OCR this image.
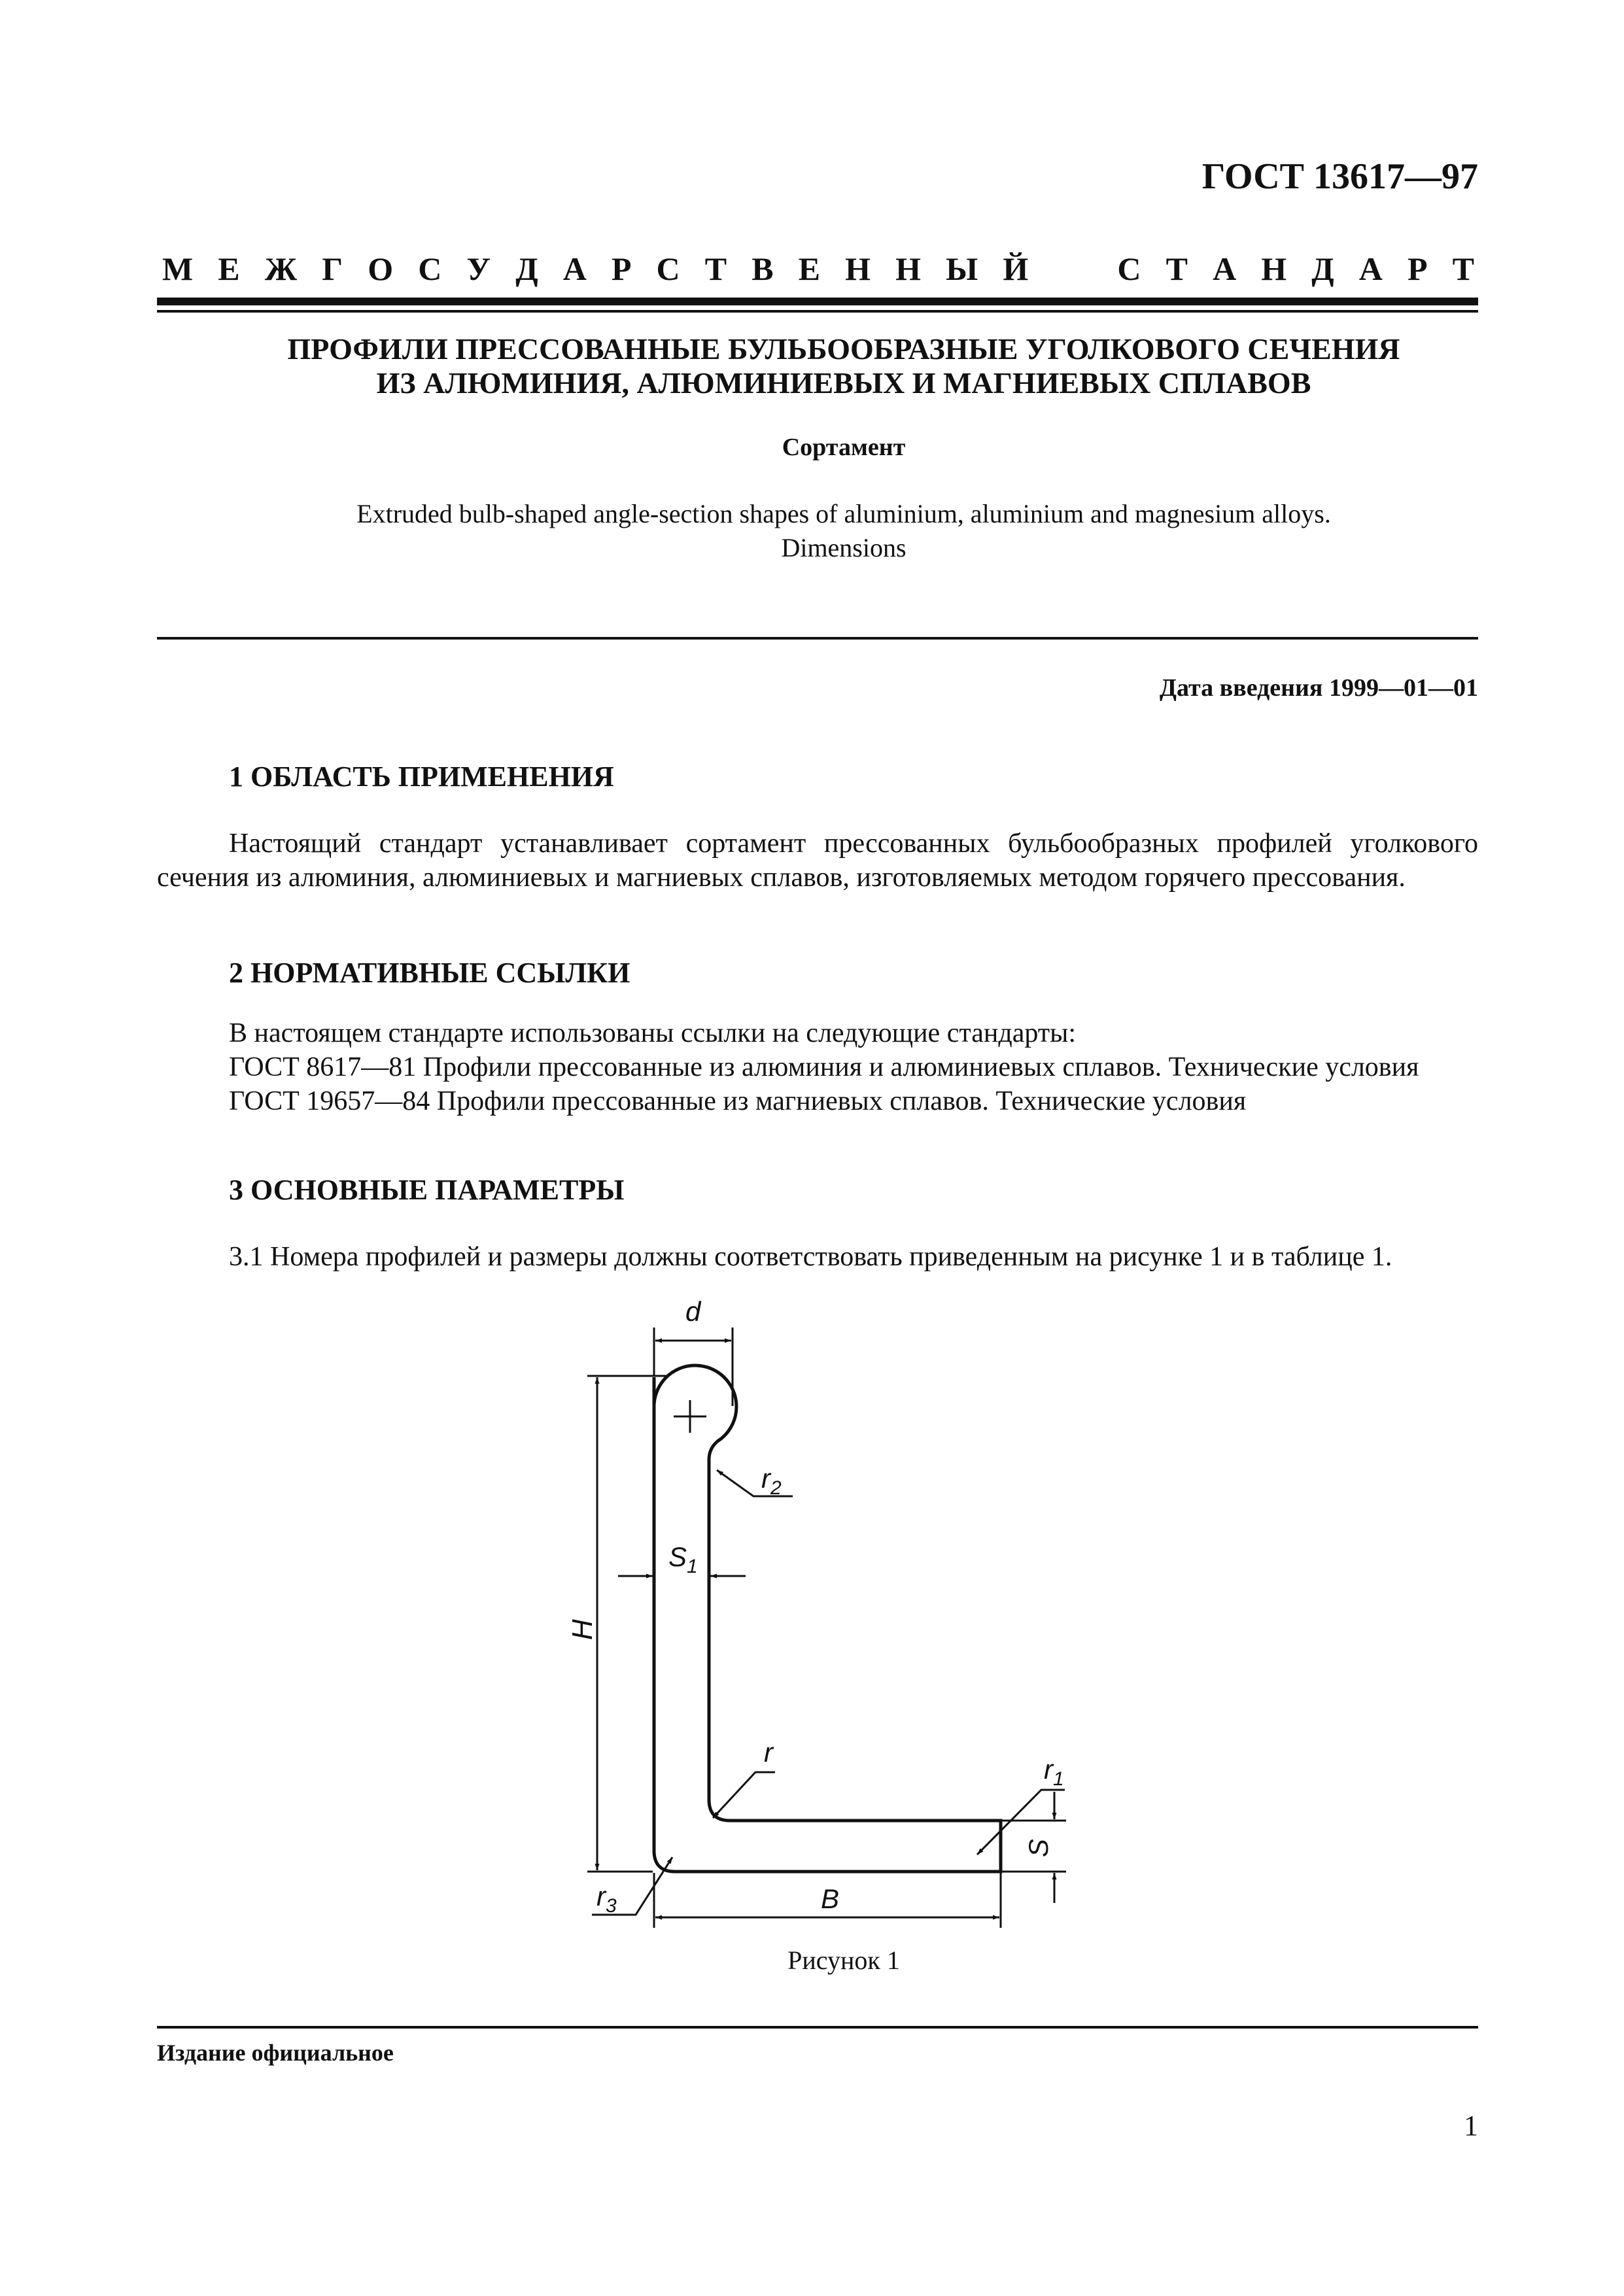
ГОСТ 13617—97
М Е Ж Г О С У Д А Р С Т В Е Н Н Ы Й	С Т А Н Д А Р Т
ПРОФИЛИ ПРЕССОВАННЫЕ БУЛЬБООБРАЗНЫЕ УГОЛКОВОГО СЕЧЕНИЯ
ИЗ АЛЮМИНИЯ, АЛЮМИНИЕВЫХ И МАГНИЕВЫХ СПЛАВОВ
Сортамент
Extruded bulb-shaped angle-section shapes of aluminium, aluminium and magnesium alloys.
Dimensions
Дата введения 1999—01—01
1 ОБЛАСТЬ ПРИМЕНЕНИЯ

Настоящий стандарт устанавливает сортамент прессованных бульбообразных профилей уголкового сечения из алюминия, алюминиевых и магниевых сплавов, изготовляемых методом горячего прессования.

2 НОРМАТИВНЫЕ ССЫЛКИ

В настоящем стандарте использованы ссылки на следующие стандарты:

ГОСТ 8617—81 Профили прессованные из алюминия и алюминиевых сплавов. Технические условия

ГОСТ 19657—84 Профили прессованные из магниевых сплавов. Технические условия

3 ОСНОВНЫЕ ПАРАМЕТРЫ

3.1 Номера профилей и размеры должны соответствовать приведенным на рисунке 1 и в таблице 1.

d
$r_2$
$S_1$
H
r
$r_1$
S
$r_3$	B
Рисунок 1
Издание официальное
1
